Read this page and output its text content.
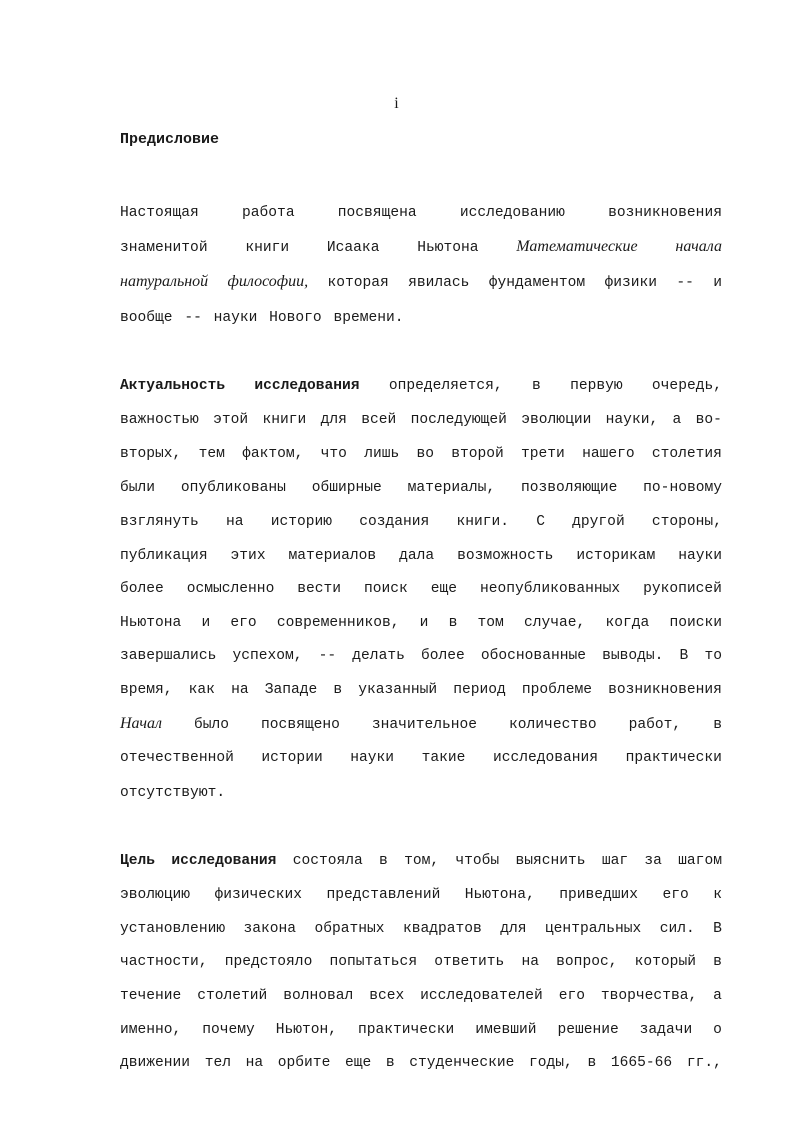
i
Предисловие
Настоящая	работа	посвящена	исследованию	возникновения
знаменитой	книги	Исаака	Ньютона Математические начала
натуральной философии, которая явилась фундаментом физики -- и
вообще -- науки Нового времени.
Актуальность исследования определяется, в первую очередь,
важностью этой книги для всей последующей эволюции науки, а во-
вторых, тем фактом, что лишь во второй трети нашего столетия
были опубликованы обширные материалы, позволяющие по-новому
взглянуть на историю создания книги. С другой стороны,
публикация этих материалов дала возможность историкам науки
более осмысленно вести поиск еще неопубликованных рукописей
Ньютона и его современников, и в том случае, когда поиски
завершались успехом, -- делать более обоснованные выводы. В то
время, как на Западе в указанный период проблеме возникновения
Начал было посвящено значительное количество работ, в
отечественной истории науки такие исследования практически
отсутствуют.
Цель исследования состояла в том, чтобы выяснить шаг за шагом
эволюцию физических представлений Ньютона, приведших его к
установлению закона обратных квадратов для центральных сил. В
частности, предстояло попытаться ответить на вопрос, который в
течение столетий волновал всех исследователей его творчества, а
именно, почему Ньютон, практически имевший решение задачи о
движении тел на орбите еще в студенческие годы, в 1665-66 гг.,
